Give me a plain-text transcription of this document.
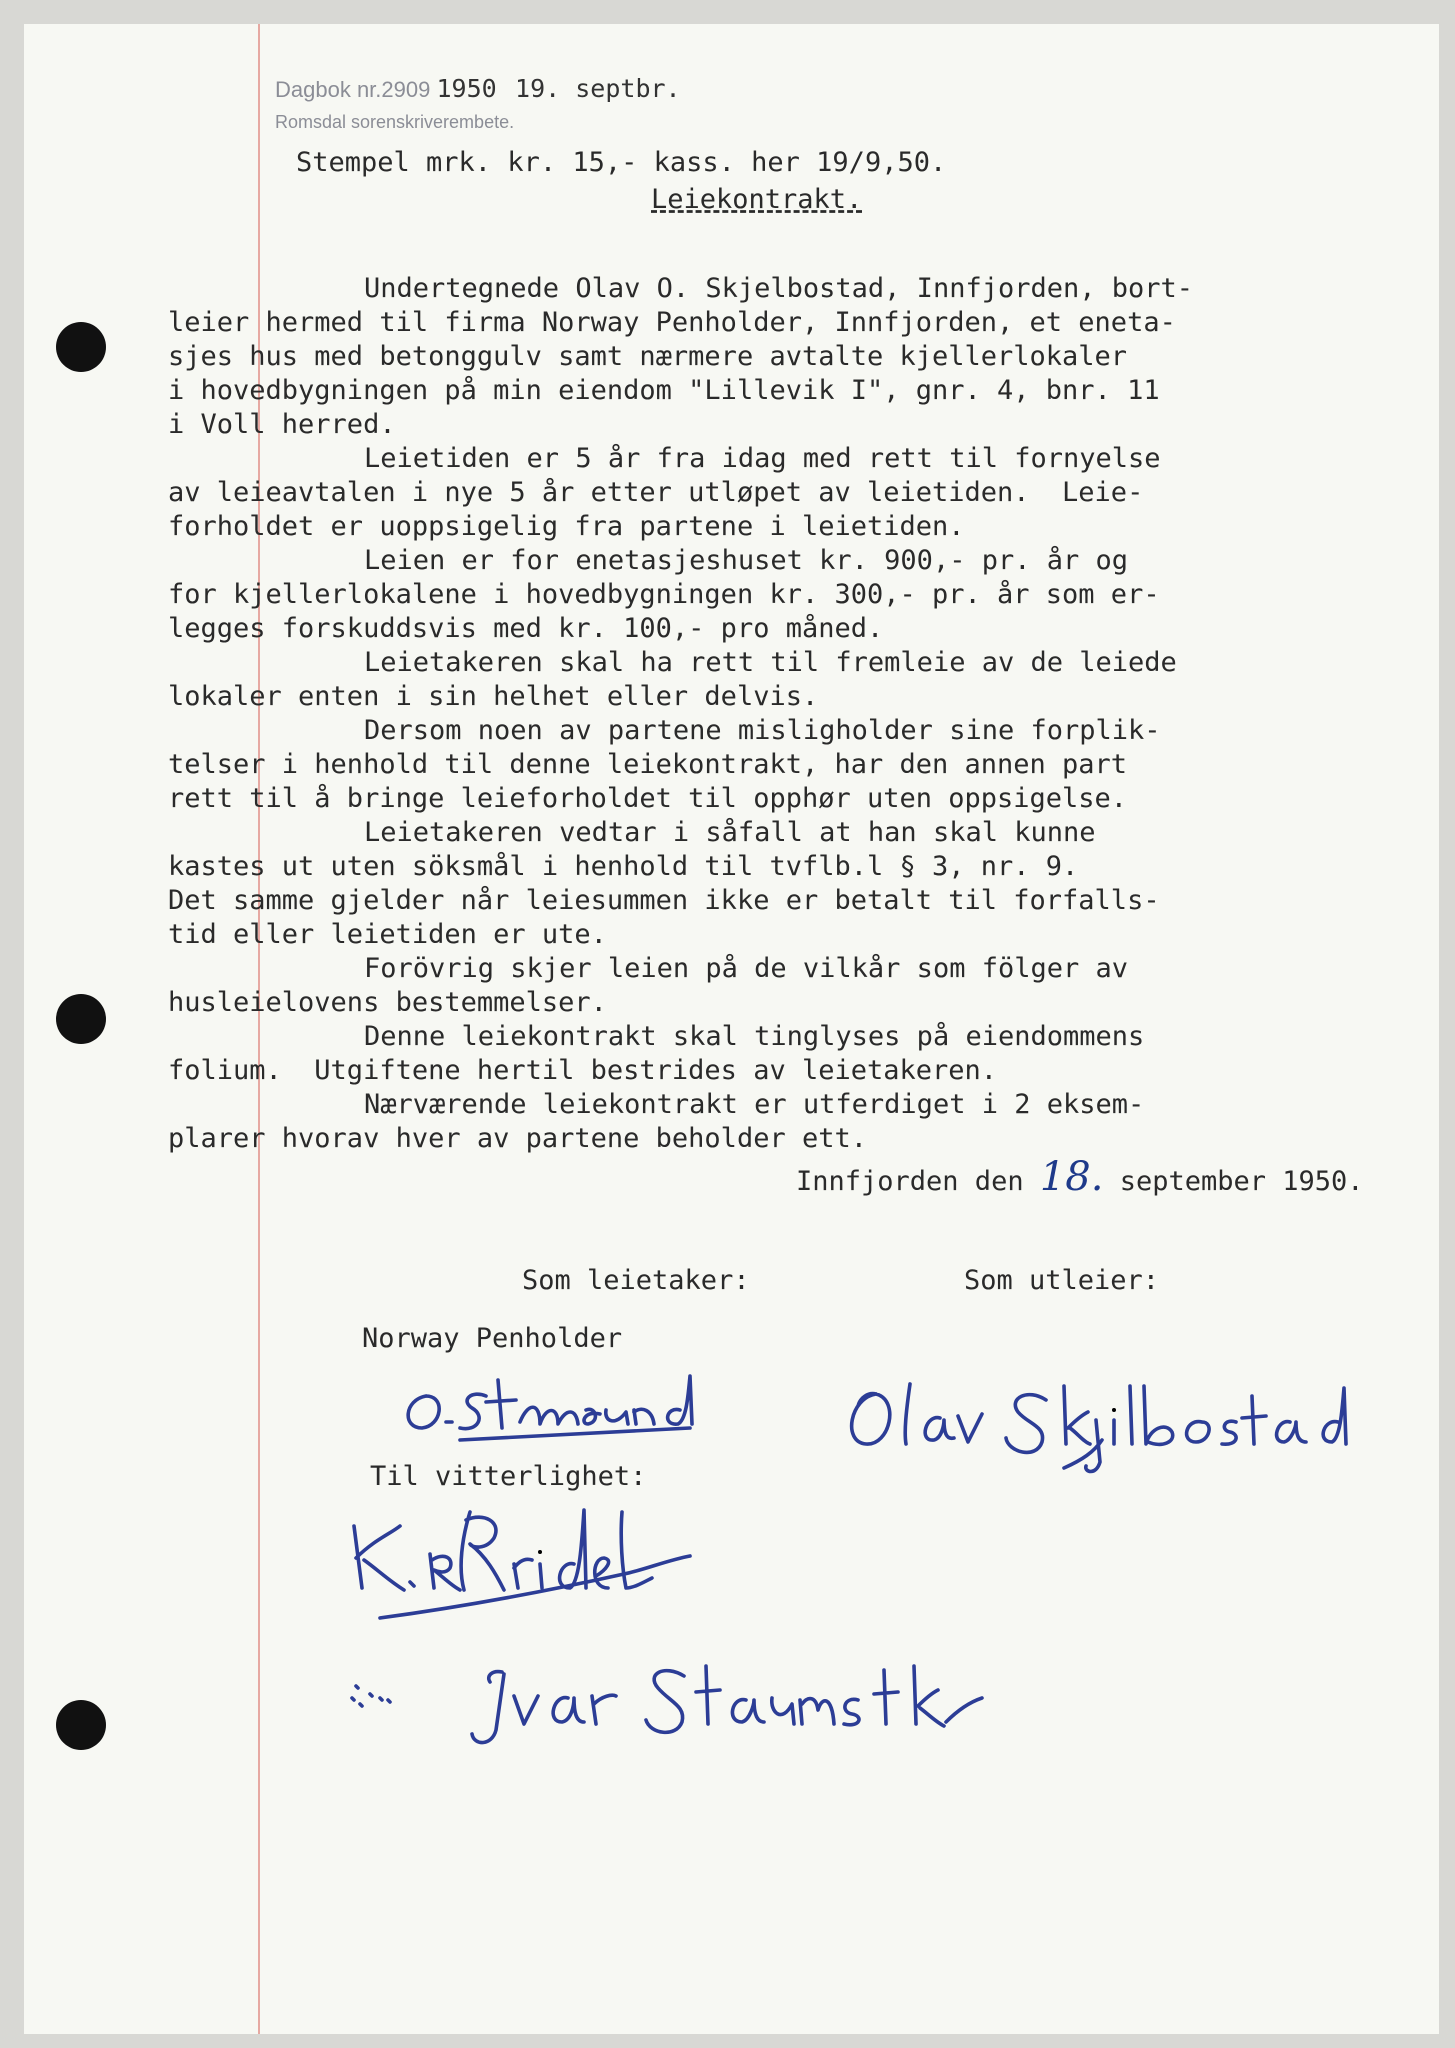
Dagbok nr.2909 1950 19. septbr.
Romsdal sorenskriverembete.
Stempel mrk. kr. 15,- kass. her 19/9,50.
Leiekontrakt.
Undertegnede Olav O. Skjelbostad, Innfjorden, bort-
leier hermed til firma Norway Penholder, Innfjorden, et eneta-
sjes hus med betonggulv samt nærmere avtalte kjellerlokaler
i hovedbygningen på min eiendom "Lillevik I", gnr. 4, bnr. 11
i Voll herred.
Leietiden er 5 år fra idag med rett til fornyelse
av leieavtalen i nye 5 år etter utløpet av leietiden.  Leie-
forholdet er uoppsigelig fra partene i leietiden.
Leien er for enetasjeshuset kr. 900,- pr. år og
for kjellerlokalene i hovedbygningen kr. 300,- pr. år som er-
legges forskuddsvis med kr. 100,- pro måned.
Leietakeren skal ha rett til fremleie av de leiede
lokaler enten i sin helhet eller delvis.
Dersom noen av partene misligholder sine forplik-
telser i henhold til denne leiekontrakt, har den annen part
rett til å bringe leieforholdet til opphør uten oppsigelse.
Leietakeren vedtar i såfall at han skal kunne
kastes ut uten söksmål i henhold til tvflb.l § 3, nr. 9.
Det samme gjelder når leiesummen ikke er betalt til forfalls-
tid eller leietiden er ute.
Forövrig skjer leien på de vilkår som fölger av
husleielovens bestemmelser.
Denne leiekontrakt skal tinglyses på eiendommens
folium.  Utgiftene hertil bestrides av leietakeren.
Nærværende leiekontrakt er utferdiget i 2 eksem-
plarer hvorav hver av partene beholder ett.
Innfjorden den 18. september 1950.
Som leietaker:	Som utleier:
Norway Penholder
Til vitterlighet:
